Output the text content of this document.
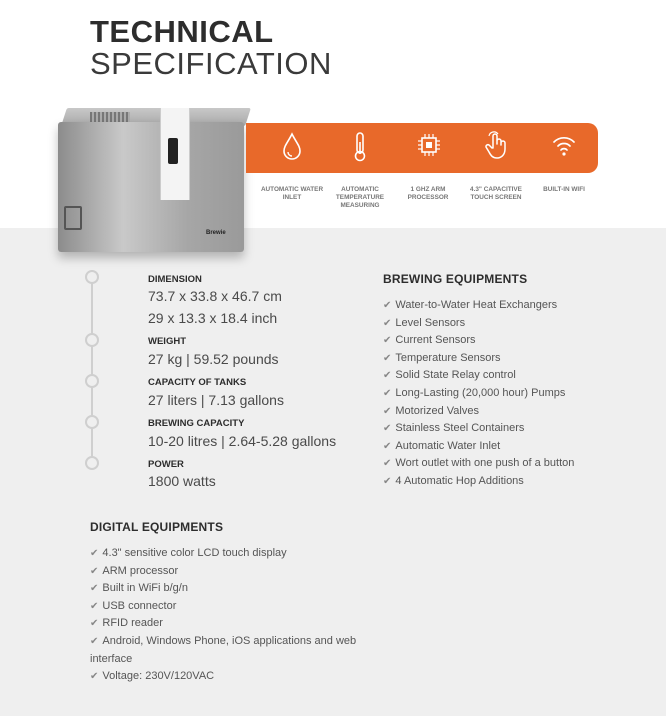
TECHNICAL
SPECIFICATION
Brewie
AUTOMATIC WATER INLET
AUTOMATIC TEMPERATURE MEASURING
1 GHZ ARM PROCESSOR
4.3" CAPACITIVE TOUCH SCREEN
BUILT-IN WIFI
DIMENSION
73.7 x 33.8 x 46.7 cm
29 x 13.3 x 18.4 inch
WEIGHT
27 kg | 59.52 pounds
CAPACITY OF TANKS
27 liters | 7.13 gallons
BREWING CAPACITY
10-20 litres | 2.64-5.28 gallons
POWER
1800 watts
BREWING EQUIPMENTS
✔ Water-to-Water Heat Exchangers
✔ Level Sensors
✔ Current Sensors
✔ Temperature Sensors
✔ Solid State Relay control
✔ Long-Lasting (20,000 hour) Pumps
✔ Motorized Valves
✔ Stainless Steel Containers
✔ Automatic Water Inlet
✔ Wort outlet with one push of a button
✔ 4 Automatic Hop Additions
DIGITAL EQUIPMENTS
✔ 4.3" sensitive color LCD touch display
✔ ARM processor
✔ Built in WiFi b/g/n
✔ USB connector
✔ RFID reader
✔ Android, Windows Phone, iOS applications and web interface
✔ Voltage: 230V/120VAC
